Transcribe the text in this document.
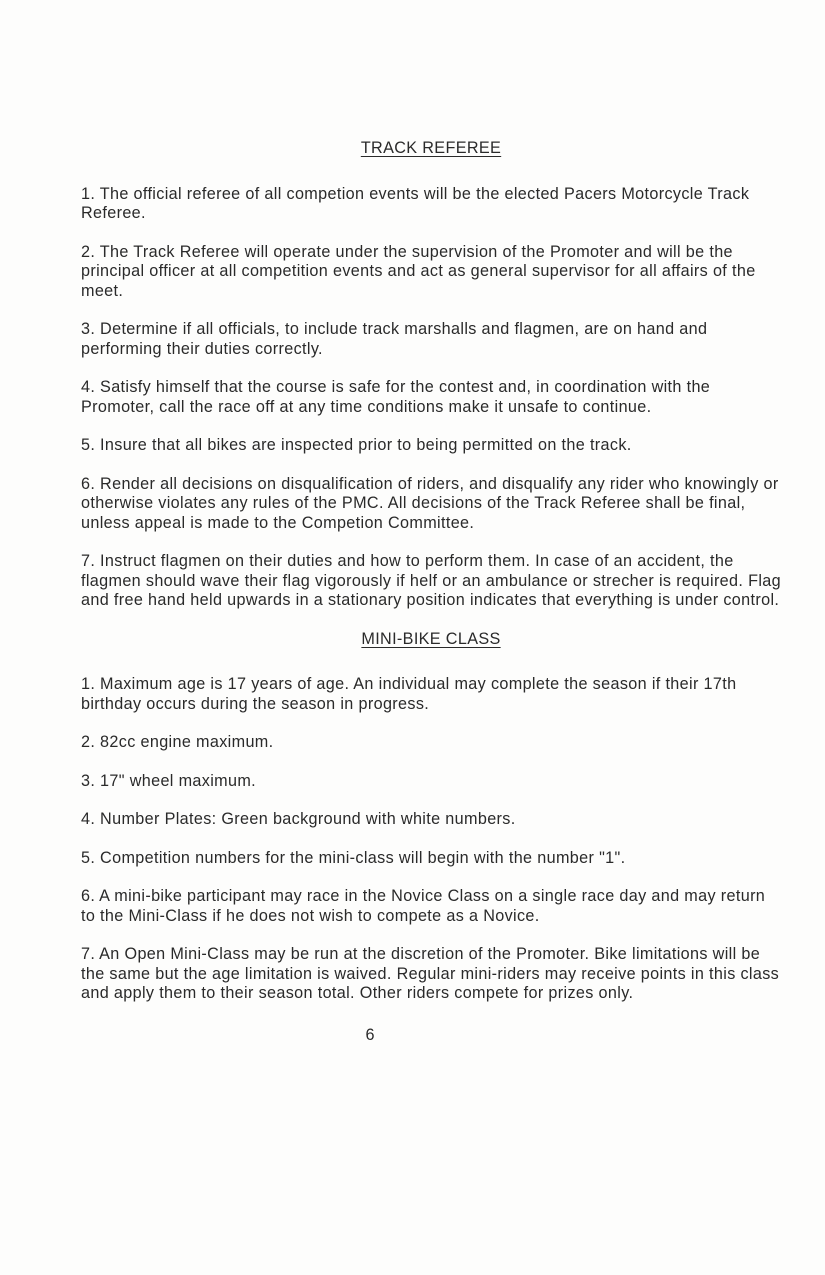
TRACK REFEREE

1. The official referee of all competion events will be the elected Pacers Motorcycle Track Referee.

2. The Track Referee will operate under the supervision of the Promoter and will be the principal officer at all competition events and act as general supervisor for all affairs of the meet.

3. Determine if all officials, to include track marshalls and flagmen, are on hand and performing their duties correctly.

4. Satisfy himself that the course is safe for the contest and, in coordination with the Promoter, call the race off at any time conditions make it unsafe to continue.

5. Insure that all bikes are inspected prior to being permitted on the track.

6. Render all decisions on disqualification of riders, and disqualify any rider who knowingly or otherwise violates any rules of the PMC. All decisions of the Track Referee shall be final, unless appeal is made to the Competion Committee.

7. Instruct flagmen on their duties and how to perform them. In case of an accident, the flagmen should wave their flag vigorously if helf or an ambulance or strecher is required. Flag and free hand held upwards in a stationary position indicates that everything is under control.

MINI-BIKE CLASS

1. Maximum age is 17 years of age. An individual may complete the season if their 17th birthday occurs during the season in progress.

2. 82cc engine maximum.

3. 17" wheel maximum.

4. Number Plates: Green background with white numbers.

5. Competition numbers for the mini-class will begin with the number "1".

6. A mini-bike participant may race in the Novice Class on a single race day and may return to the Mini-Class if he does not wish to compete as a Novice.

7. An Open Mini-Class may be run at the discretion of the Promoter. Bike limitations will be the same but the age limitation is waived. Regular mini-riders may receive points in this class and apply them to their season total. Other riders compete for prizes only.

6
